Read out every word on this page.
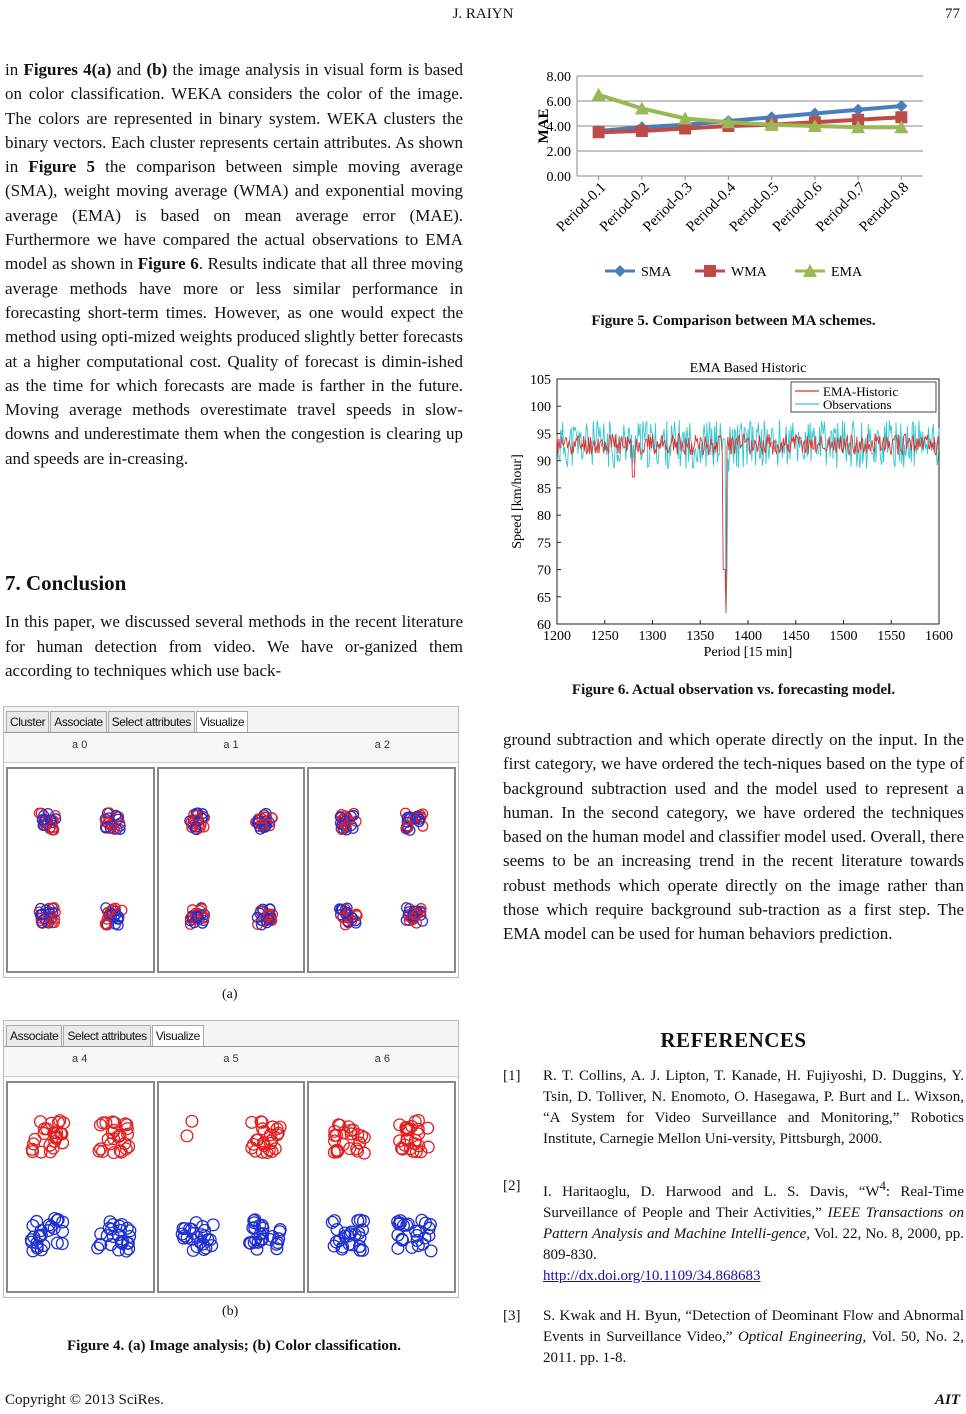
J. RAIYN	77
in Figures 4(a) and (b) the image analysis in visual form is based on color classification. WEKA considers the color of the image. The colors are represented in binary system. WEKA clusters the binary vectors. Each cluster represents certain attributes. As shown in Figure 5 the comparison between simple moving average (SMA), weight moving average (WMA) and exponential moving average (EMA) is based on mean average error (MAE). Furthermore we have compared the actual observations to EMA model as shown in Figure 6. Results indicate that all three moving average methods have more or less similar performance in forecasting short-term times. However, as one would expect the method using opti-mized weights produced slightly better forecasts at a higher computational cost. Quality of forecast is dimin-ished as the time for which forecasts are made is farther in the future. Moving average methods overestimate travel speeds in slow-downs and underestimate them when the congestion is clearing up and speeds are in-creasing.
7. Conclusion
In this paper, we discussed several methods in the recent literature for human detection from video. We have or-ganized them according to techniques which use back-
Cluster Associate Select attributes Visualize
a 0	a 1	a 2
(a)
Associate Select attributes Visualize
a 4	a 5	a 6
(b)
Figure 4. (a) Image analysis; (b) Color classification.
0.00
2.00
4.00
6.00
8.00
MAE
Period-0.1
Period-0.2
Period-0.3
Period-0.4
Period-0.5
Period-0.6
Period-0.7
Period-0.8
SMA	WMA	EMA
Figure 5. Comparison between MA schemes.
EMA Based Historic
60
65
70
75
80
85
90
95
100
105
1200 1250 1300 1350 1400 1450 1500 1550 1600
Period [15 min]
Speed [km/hour]
EMA-Historic
Observations
Figure 6. Actual observation vs. forecasting model.
ground subtraction and which operate directly on the input. In the first category, we have ordered the tech-niques based on the type of background subtraction used and the model used to represent a human. In the second category, we have ordered the techniques based on the human model and classifier model used. Overall, there seems to be an increasing trend in the recent literature towards robust methods which operate directly on the image rather than those which require background sub-traction as a first step. The EMA model can be used for human behaviors prediction.
REFERENCES
[1] R. T. Collins, A. J. Lipton, T. Kanade, H. Fujiyoshi, D. Duggins, Y. Tsin, D. Tolliver, N. Enomoto, O. Hasegawa, P. Burt and L. Wixson, “A System for Video Surveillance and Monitoring,” Robotics Institute, Carnegie Mellon Uni-versity, Pittsburgh, 2000.
[2] I. Haritaoglu, D. Harwood and L. S. Davis, “$W^4$: Real-Time Surveillance of People and Their Activities,” IEEE Transactions on Pattern Analysis and Machine Intelli-gence, Vol. 22, No. 8, 2000, pp. 809-830.
http://dx.doi.org/10.1109/34.868683
[3] S. Kwak and H. Byun, “Detection of Deominant Flow and Abnormal Events in Surveillance Video,” Optical Engineering, Vol. 50, No. 2, 2011. pp. 1-8.
Copyright © 2013 SciRes.	AIT
